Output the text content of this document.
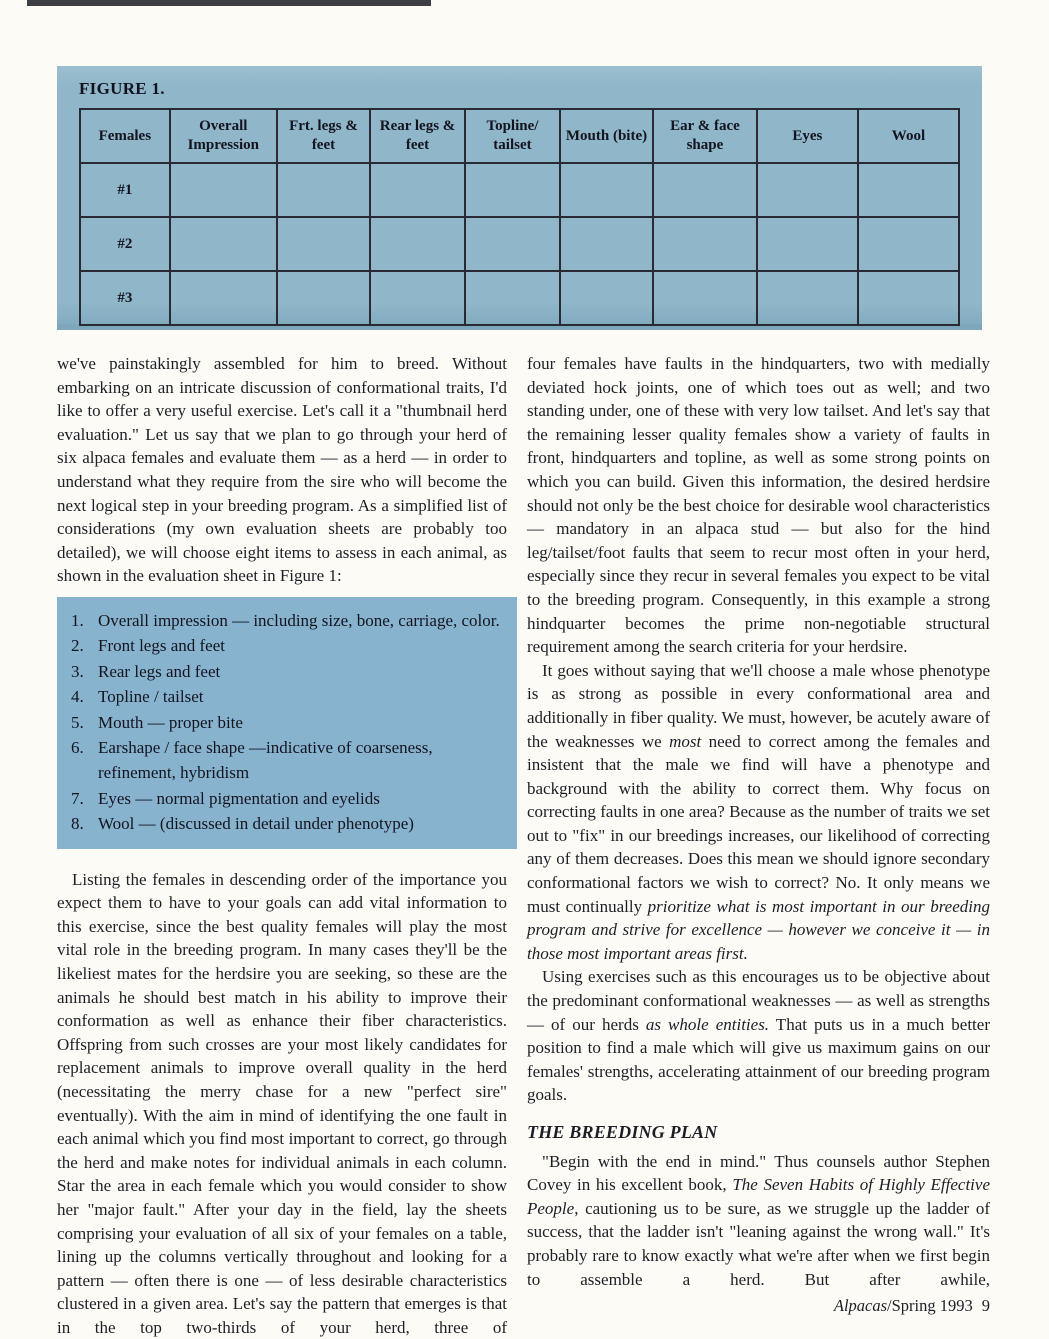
FIGURE 1.

Females	Overall Impression	Frt. legs & feet	Rear legs & feet	Topline/ tailset	Mouth (bite)	Ear & face shape	Eyes	Wool
#1								
#2								
#3								

we've painstakingly assembled for him to breed. Without embarking on an intricate discussion of conformational traits, I'd like to offer a very useful exercise. Let's call it a "thumbnail herd evaluation." Let us say that we plan to go through your herd of six alpaca females and evaluate them — as a herd — in order to understand what they require from the sire who will become the next logical step in your breeding program. As a simplified list of considerations (my own evaluation sheets are probably too detailed), we will choose eight items to assess in each animal, as shown in the evaluation sheet in Figure 1:

1. Overall impression — including size, bone, carriage, color.
2. Front legs and feet
3. Rear legs and feet
4. Topline / tailset
5. Mouth — proper bite
6. Earshape / face shape —indicative of coarseness, refinement, hybridism
7. Eyes — normal pigmentation and eyelids
8. Wool — (discussed in detail under phenotype)

Listing the females in descending order of the importance you expect them to have to your goals can add vital information to this exercise, since the best quality females will play the most vital role in the breeding program. In many cases they'll be the likeliest mates for the herdsire you are seeking, so these are the animals he should best match in his ability to improve their conformation as well as enhance their fiber characteristics. Offspring from such crosses are your most likely candidates for replacement animals to improve overall quality in the herd (necessitating the merry chase for a new "perfect sire" eventually). With the aim in mind of identifying the one fault in each animal which you find most important to correct, go through the herd and make notes for individual animals in each column. Star the area in each female which you would consider to show her "major fault." After your day in the field, lay the sheets comprising your evaluation of all six of your females on a table, lining up the columns vertically throughout and looking for a pattern — often there is one — of less desirable characteristics clustered in a given area. Let's say the pattern that emerges is that in the top two-thirds of your herd, three of

four females have faults in the hindquarters, two with medially deviated hock joints, one of which toes out as well; and two standing under, one of these with very low tailset. And let's say that the remaining lesser quality females show a variety of faults in front, hindquarters and topline, as well as some strong points on which you can build. Given this information, the desired herdsire should not only be the best choice for desirable wool characteristics — mandatory in an alpaca stud — but also for the hind leg/tailset/foot faults that seem to recur most often in your herd, especially since they recur in several females you expect to be vital to the breeding program. Consequently, in this example a strong hindquarter becomes the prime non-negotiable structural requirement among the search criteria for your herdsire.

It goes without saying that we'll choose a male whose phenotype is as strong as possible in every conformational area and additionally in fiber quality. We must, however, be acutely aware of the weaknesses we most need to correct among the females and insistent that the male we find will have a phenotype and background with the ability to correct them. Why focus on correcting faults in one area? Because as the number of traits we set out to "fix" in our breedings increases, our likelihood of correcting any of them decreases. Does this mean we should ignore secondary conformational factors we wish to correct? No. It only means we must continually prioritize what is most important in our breeding program and strive for excellence — however we conceive it — in those most important areas first.

Using exercises such as this encourages us to be objective about the predominant conformational weaknesses — as well as strengths — of our herds as whole entities. That puts us in a much better position to find a male which will give us maximum gains on our females' strengths, accelerating attainment of our breeding program goals.

THE BREEDING PLAN

"Begin with the end in mind." Thus counsels author Stephen Covey in his excellent book, The Seven Habits of Highly Effective People, cautioning us to be sure, as we struggle up the ladder of success, that the ladder isn't "leaning against the wrong wall." It's probably rare to know exactly what we're after when we first begin to assemble a herd. But after awhile,

Alpacas/Spring 1993 9
